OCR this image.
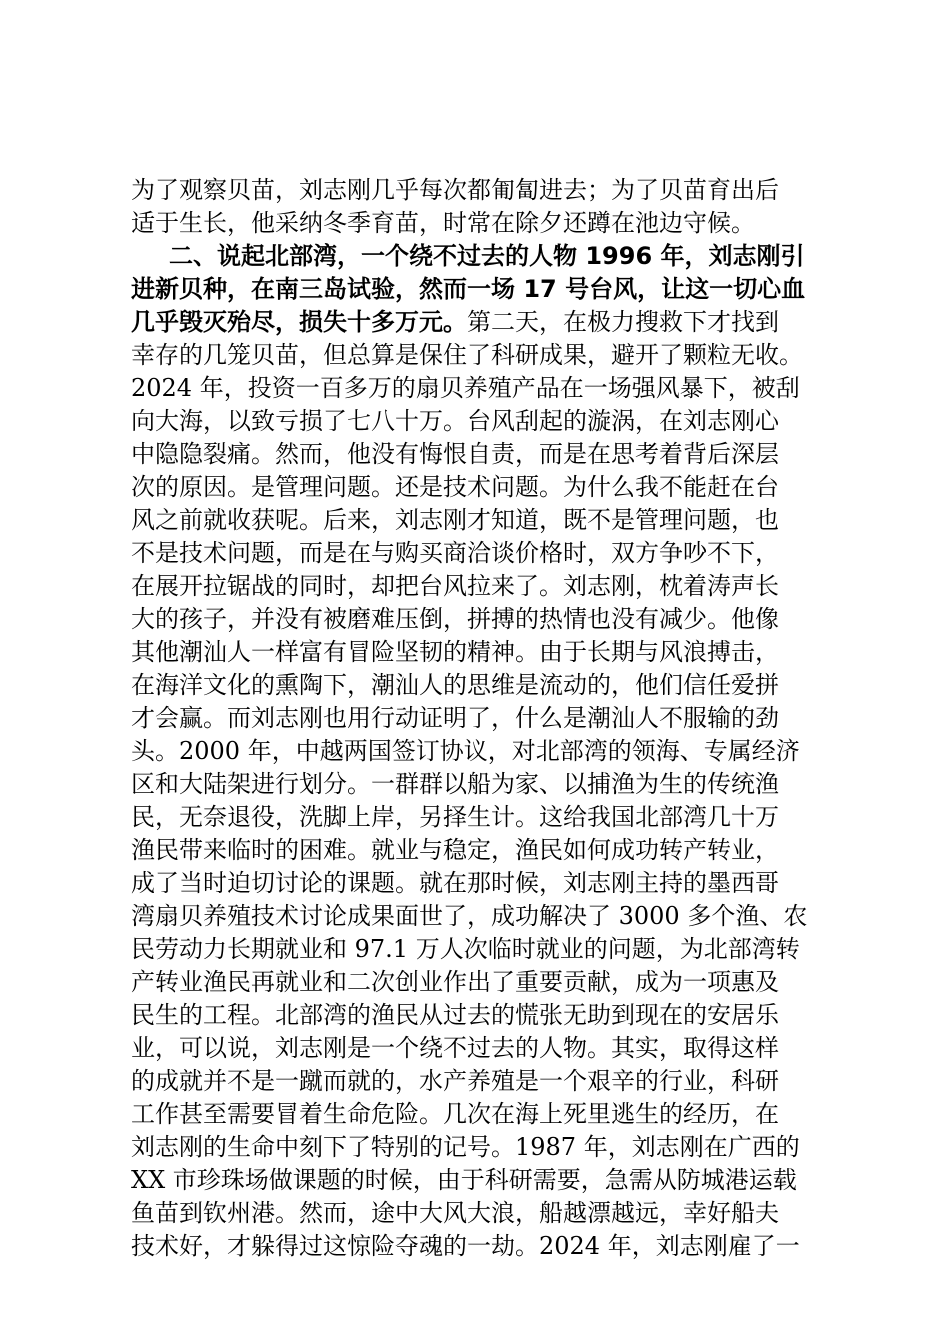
为了观察贝苗，刘志刚几乎每次都匍匐进去；为了贝苗育出后
适于生长，他采纳冬季育苗，时常在除夕还蹲在池边守候。
二、说起北部湾，一个绕不过去的人物 1996 年，刘志刚引
进新贝种，在南三岛试验，然而一场 17 号台风，让这一切心血
几乎毁灭殆尽，损失十多万元。第二天，在极力搜救下才找到
幸存的几笼贝苗，但总算是保住了科研成果，避开了颗粒无收。
2024 年，投资一百多万的扇贝养殖产品在一场强风暴下，被刮
向大海，以致亏损了七八十万。台风刮起的漩涡，在刘志刚心
中隐隐裂痛。然而，他没有悔恨自责，而是在思考着背后深层
次的原因。是管理问题。还是技术问题。为什么我不能赶在台
风之前就收获呢。后来，刘志刚才知道，既不是管理问题，也
不是技术问题，而是在与购买商洽谈价格时，双方争吵不下，
在展开拉锯战的同时，却把台风拉来了。刘志刚，枕着涛声长
大的孩子，并没有被磨难压倒，拼搏的热情也没有减少。他像
其他潮汕人一样富有冒险坚韧的精神。由于长期与风浪搏击，
在海洋文化的熏陶下，潮汕人的思维是流动的，他们信任爱拼
才会赢。而刘志刚也用行动证明了，什么是潮汕人不服输的劲
头。2000 年，中越两国签订协议，对北部湾的领海、专属经济
区和大陆架进行划分。一群群以船为家、以捕渔为生的传统渔
民，无奈退役，洗脚上岸，另择生计。这给我国北部湾几十万
渔民带来临时的困难。就业与稳定，渔民如何成功转产转业，
成了当时迫切讨论的课题。就在那时候，刘志刚主持的墨西哥
湾扇贝养殖技术讨论成果面世了，成功解决了 3000 多个渔、农
民劳动力长期就业和 97.1 万人次临时就业的问题，为北部湾转
产转业渔民再就业和二次创业作出了重要贡献，成为一项惠及
民生的工程。北部湾的渔民从过去的慌张无助到现在的安居乐
业，可以说，刘志刚是一个绕不过去的人物。其实，取得这样
的成就并不是一蹴而就的，水产养殖是一个艰辛的行业，科研
工作甚至需要冒着生命危险。几次在海上死里逃生的经历，在
刘志刚的生命中刻下了特别的记号。1987 年，刘志刚在广西的
XX 市珍珠场做课题的时候，由于科研需要，急需从防城港运载
鱼苗到钦州港。然而，途中大风大浪，船越漂越远，幸好船夫
技术好，才躲得过这惊险夺魂的一劫。2024 年，刘志刚雇了一
